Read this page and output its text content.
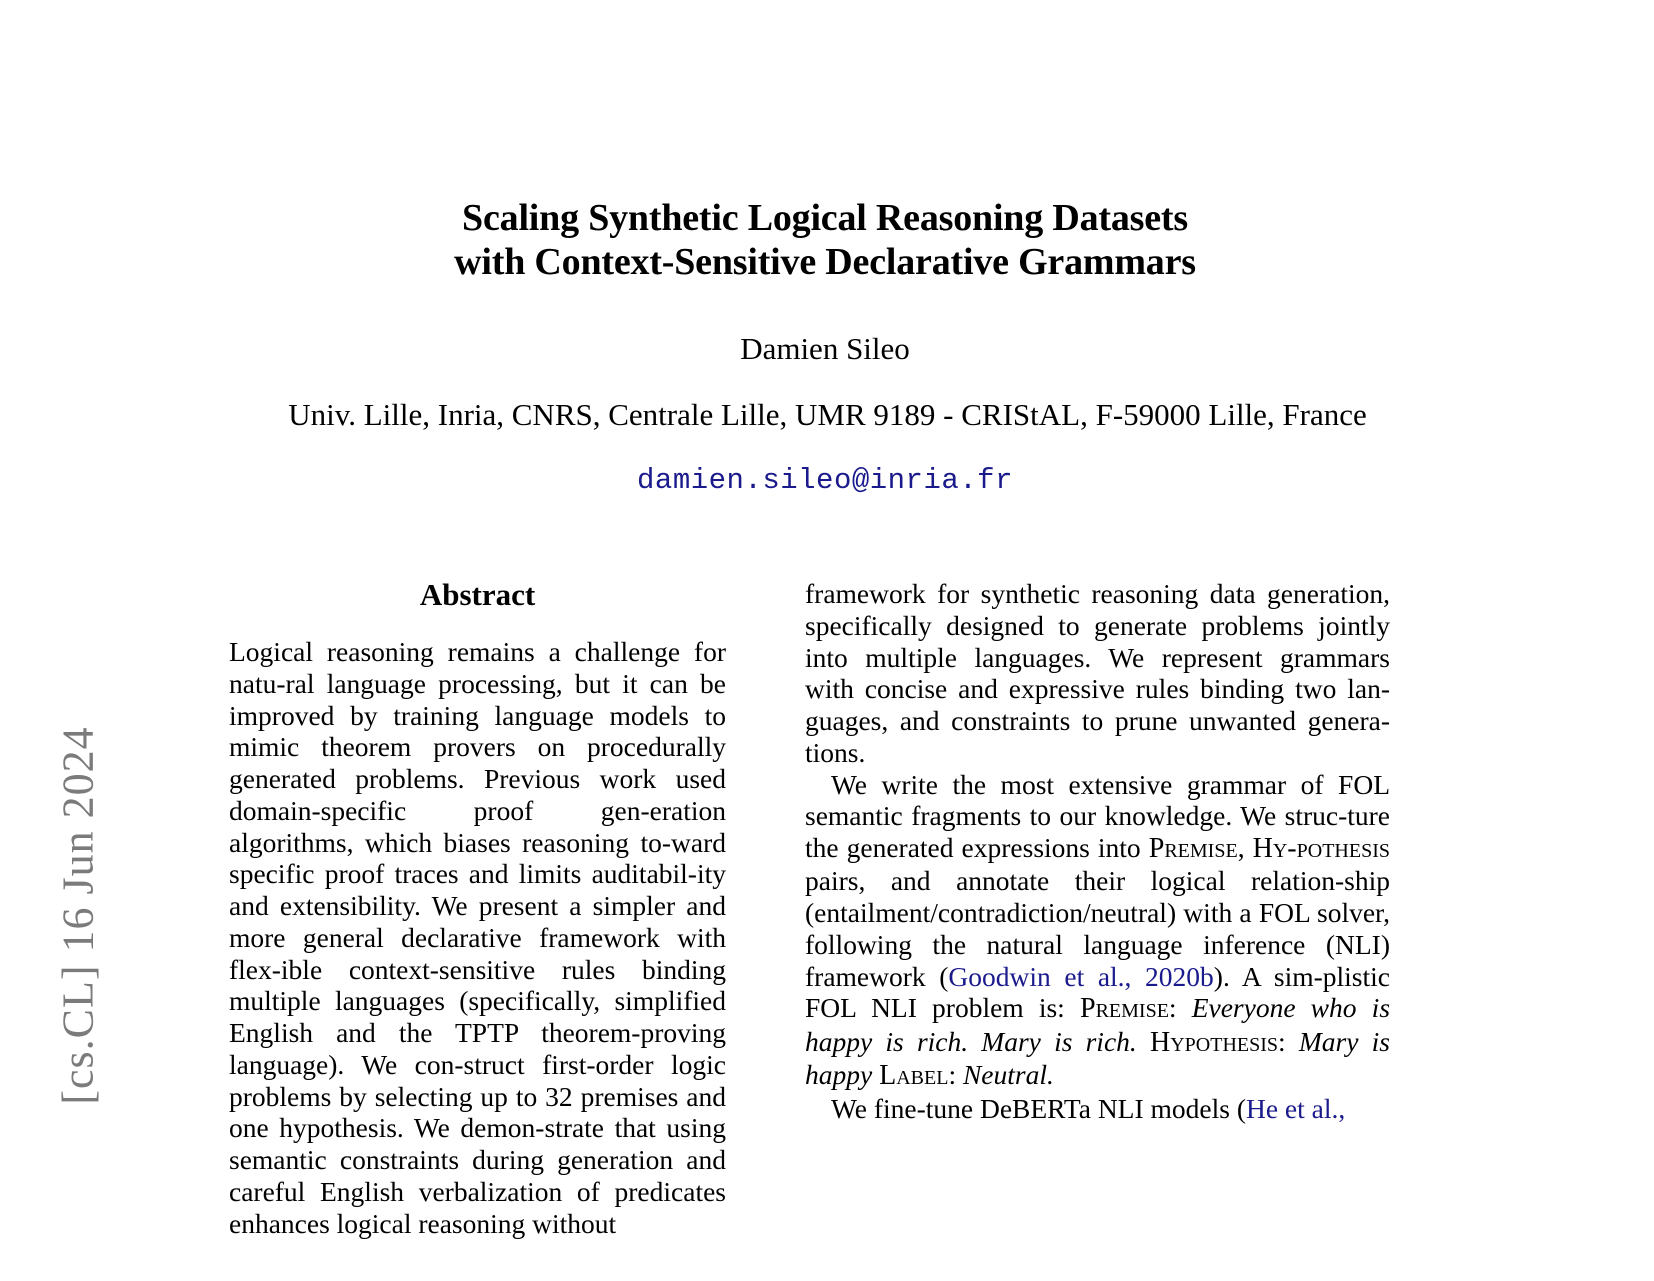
[cs.CL] 16 Jun 2024
Scaling Synthetic Logical Reasoning Datasets
with Context-Sensitive Declarative Grammars
Damien Sileo
Univ. Lille, Inria, CNRS, Centrale Lille, UMR 9189 - CRIStAL, F-59000 Lille, France
damien.sileo@inria.fr
Abstract

Logical reasoning remains a challenge for natu-ral language processing, but it can be improved by training language models to mimic theorem provers on procedurally generated problems. Previous work used domain-specific proof gen-eration algorithms, which biases reasoning to-ward specific proof traces and limits auditabil-ity and extensibility. We present a simpler and more general declarative framework with flex-ible context-sensitive rules binding multiple languages (specifically, simplified English and the TPTP theorem-proving language). We con-struct first-order logic problems by selecting up to 32 premises and one hypothesis. We demon-strate that using semantic constraints during generation and careful English verbalization of predicates enhances logical reasoning without

framework for synthetic reasoning data generation, specifically designed to generate problems jointly into multiple languages. We represent grammars with concise and expressive rules binding two lan-guages, and constraints to prune unwanted genera-tions.

We write the most extensive grammar of FOL semantic fragments to our knowledge. We struc-ture the generated expressions into Premise, Hy-pothesis pairs, and annotate their logical relation-ship (entailment/contradiction/neutral) with a FOL solver, following the natural language inference (NLI) framework (Goodwin et al., 2020b). A sim-plistic FOL NLI problem is: Premise: Everyone who is happy is rich. Mary is rich. Hypothesis: Mary is happy Label: Neutral.

We fine-tune DeBERTa NLI models (He et al.,
